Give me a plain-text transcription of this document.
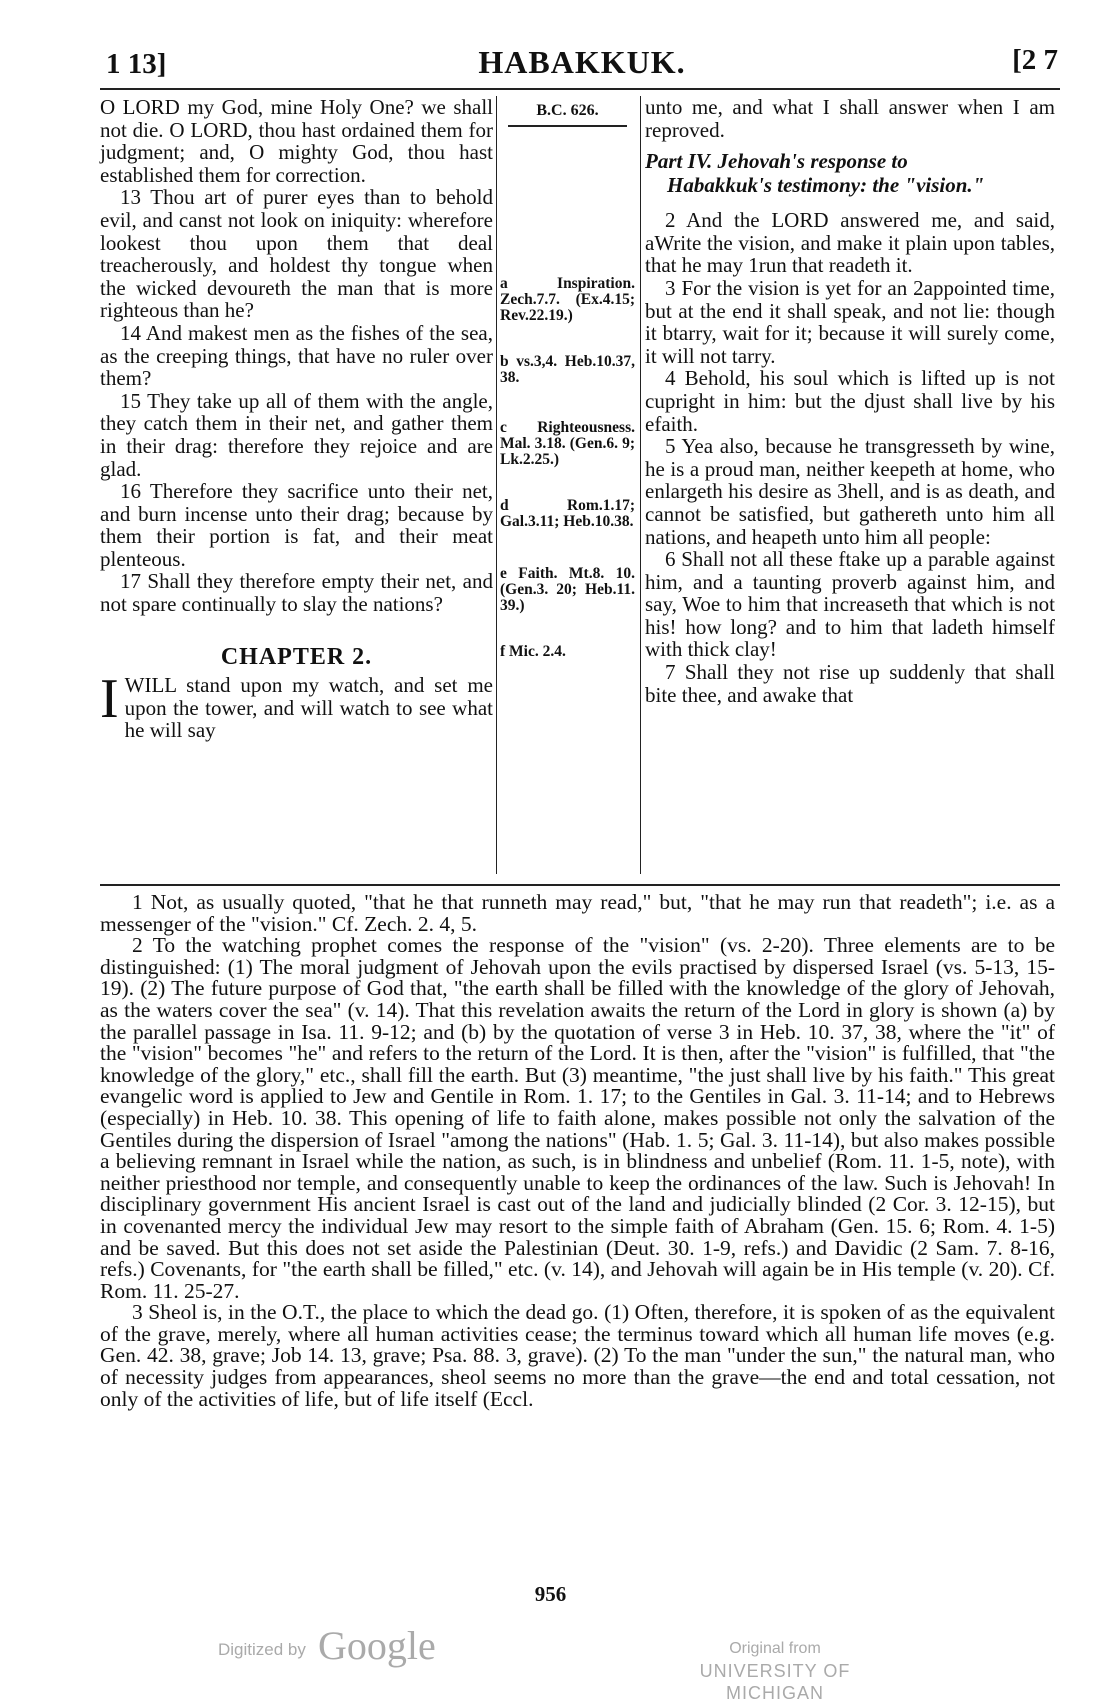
1 13]	HABAKKUK.	[2 7

O LORD my God, mine Holy One? we shall not die. O LORD, thou hast ordained them for judgment; and, O mighty God, thou hast established them for correction.

13 Thou art of purer eyes than to behold evil, and canst not look on iniquity: wherefore lookest thou upon them that deal treacherously, and holdest thy tongue when the wicked devoureth the man that is more righteous than he?

14 And makest men as the fishes of the sea, as the creeping things, that have no ruler over them?

15 They take up all of them with the angle, they catch them in their net, and gather them in their drag: therefore they rejoice and are glad.

16 Therefore they sacrifice unto their net, and burn incense unto their drag; because by them their portion is fat, and their meat plenteous.

17 Shall they therefore empty their net, and not spare continually to slay the nations?

CHAPTER 2.

IWILL stand upon my watch, and set me upon the tower, and will watch to see what he will say

B.C. 626.
a Inspiration. Zech.7.7. (Ex.4.15; Rev.22.19.)
b vs.3,4. Heb.10.37, 38.
c Righteousness. Mal. 3.18. (Gen.6. 9; Lk.2.25.)
d Rom.1.17; Gal.3.11; Heb.10.38.
e Faith. Mt.8. 10. (Gen.3. 20; Heb.11. 39.)
f Mic. 2.4.

unto me, and what I shall answer when I am reproved.

Part IV. Jehovah's response to
Habakkuk's testimony: the "vision."

2 And the LORD answered me, and said, aWrite the vision, and make it plain upon tables, that he may 1run that readeth it.

3 For the vision is yet for an 2appointed time, but at the end it shall speak, and not lie: though it btarry, wait for it; because it will surely come, it will not tarry.

4 Behold, his soul which is lifted up is not cupright in him: but the djust shall live by his efaith.

5 Yea also, because he transgresseth by wine, he is a proud man, neither keepeth at home, who enlargeth his desire as 3hell, and is as death, and cannot be satisfied, but gathereth unto him all nations, and heapeth unto him all people:

6 Shall not all these ftake up a parable against him, and a taunting proverb against him, and say, Woe to him that increaseth that which is not his! how long? and to him that ladeth himself with thick clay!

7 Shall they not rise up suddenly that shall bite thee, and awake that

1 Not, as usually quoted, "that he that runneth may read," but, "that he may run that readeth"; i.e. as a messenger of the "vision." Cf. Zech. 2. 4, 5.

2 To the watching prophet comes the response of the "vision" (vs. 2-20). Three elements are to be distinguished: (1) The moral judgment of Jehovah upon the evils practised by dispersed Israel (vs. 5-13, 15-19). (2) The future purpose of God that, "the earth shall be filled with the knowledge of the glory of Jehovah, as the waters cover the sea" (v. 14). That this revelation awaits the return of the Lord in glory is shown (a) by the parallel passage in Isa. 11. 9-12; and (b) by the quotation of verse 3 in Heb. 10. 37, 38, where the "it" of the "vision" becomes "he" and refers to the return of the Lord. It is then, after the "vision" is fulfilled, that "the knowledge of the glory," etc., shall fill the earth. But (3) meantime, "the just shall live by his faith." This great evangelic word is applied to Jew and Gentile in Rom. 1. 17; to the Gentiles in Gal. 3. 11-14; and to Hebrews (especially) in Heb. 10. 38. This opening of life to faith alone, makes possible not only the salvation of the Gentiles during the dispersion of Israel "among the nations" (Hab. 1. 5; Gal. 3. 11-14), but also makes possible a believing remnant in Israel while the nation, as such, is in blindness and unbelief (Rom. 11. 1-5, note), with neither priesthood nor temple, and consequently unable to keep the ordinances of the law. Such is Jehovah! In disciplinary government His ancient Israel is cast out of the land and judicially blinded (2 Cor. 3. 12-15), but in covenanted mercy the individual Jew may resort to the simple faith of Abraham (Gen. 15. 6; Rom. 4. 1-5) and be saved. But this does not set aside the Palestinian (Deut. 30. 1-9, refs.) and Davidic (2 Sam. 7. 8-16, refs.) Covenants, for "the earth shall be filled," etc. (v. 14), and Jehovah will again be in His temple (v. 20). Cf. Rom. 11. 25-27.

3 Sheol is, in the O.T., the place to which the dead go. (1) Often, therefore, it is spoken of as the equivalent of the grave, merely, where all human activities cease; the terminus toward which all human life moves (e.g. Gen. 42. 38, grave; Job 14. 13, grave; Psa. 88. 3, grave). (2) To the man "under the sun," the natural man, who of necessity judges from appearances, sheol seems no more than the grave—the end and total cessation, not only of the activities of life, but of life itself (Eccl.

956
Digitized by Google	Original from
UNIVERSITY OF MICHIGAN
